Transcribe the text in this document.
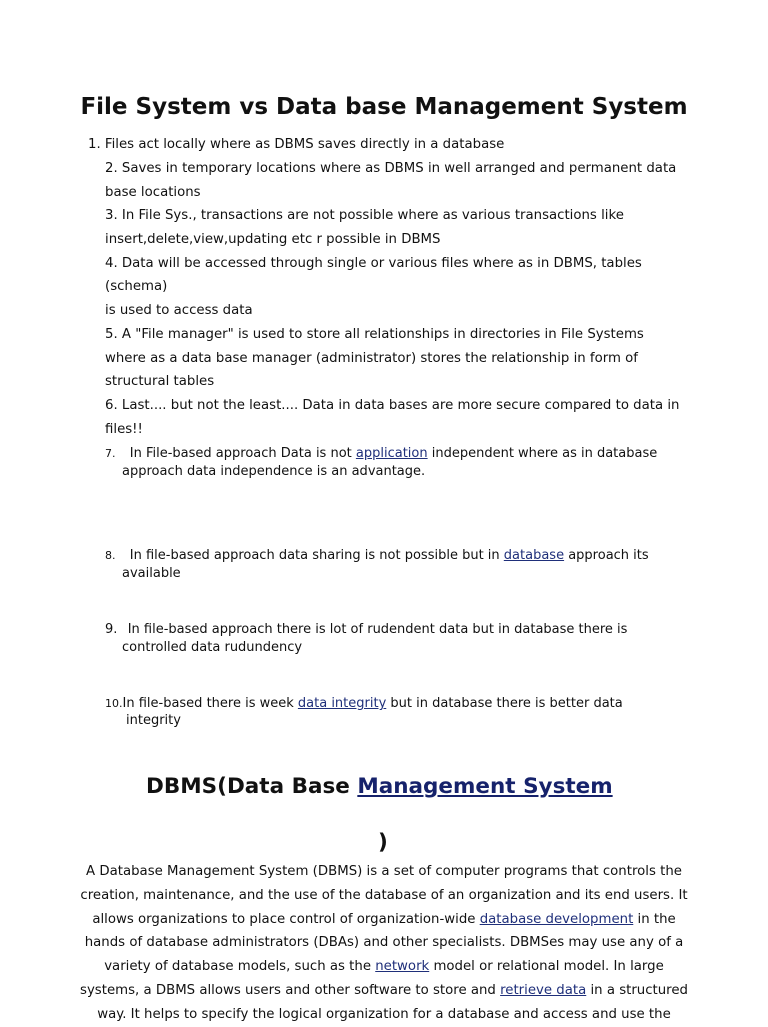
File System vs Data base Management System
1. Files act locally where as DBMS saves directly in a database
2. Saves in temporary locations where as DBMS in well arranged and permanent data
base locations
3. In File Sys., transactions are not possible where as various transactions like
insert,delete,view,updating etc r possible in DBMS
4. Data will be accessed through single or various files where as in DBMS, tables
(schema)
is used to access data
5. A "File manager" is used to store all relationships in directories in File Systems
where as a data base manager (administrator) stores the relationship in form of
structural tables
6. Last.... but not the least.... Data in data bases are more secure compared to data in
files!!
7. In File-based approach Data is not application independent where as in database
approach data independence is an advantage.
8. In file-based approach data sharing is not possible but in database approach its
available
9.  In file-based approach there is lot of rudendent data but in database there is
controlled data rudundency
10.In file-based there is week data integrity but in database there is better data
integrity
DBMS(Data Base Management System
)
A Database Management System (DBMS) is a set of computer programs that controls the
creation, maintenance, and the use of the database of an organization and its end users. It
allows organizations to place control of organization-wide database development in the
hands of database administrators (DBAs) and other specialists. DBMSes may use any of a
variety of database models, such as the network model or relational model. In large
systems, a DBMS allows users and other software to store and retrieve data in a structured
way. It helps to specify the logical organization for a database and access and use the
